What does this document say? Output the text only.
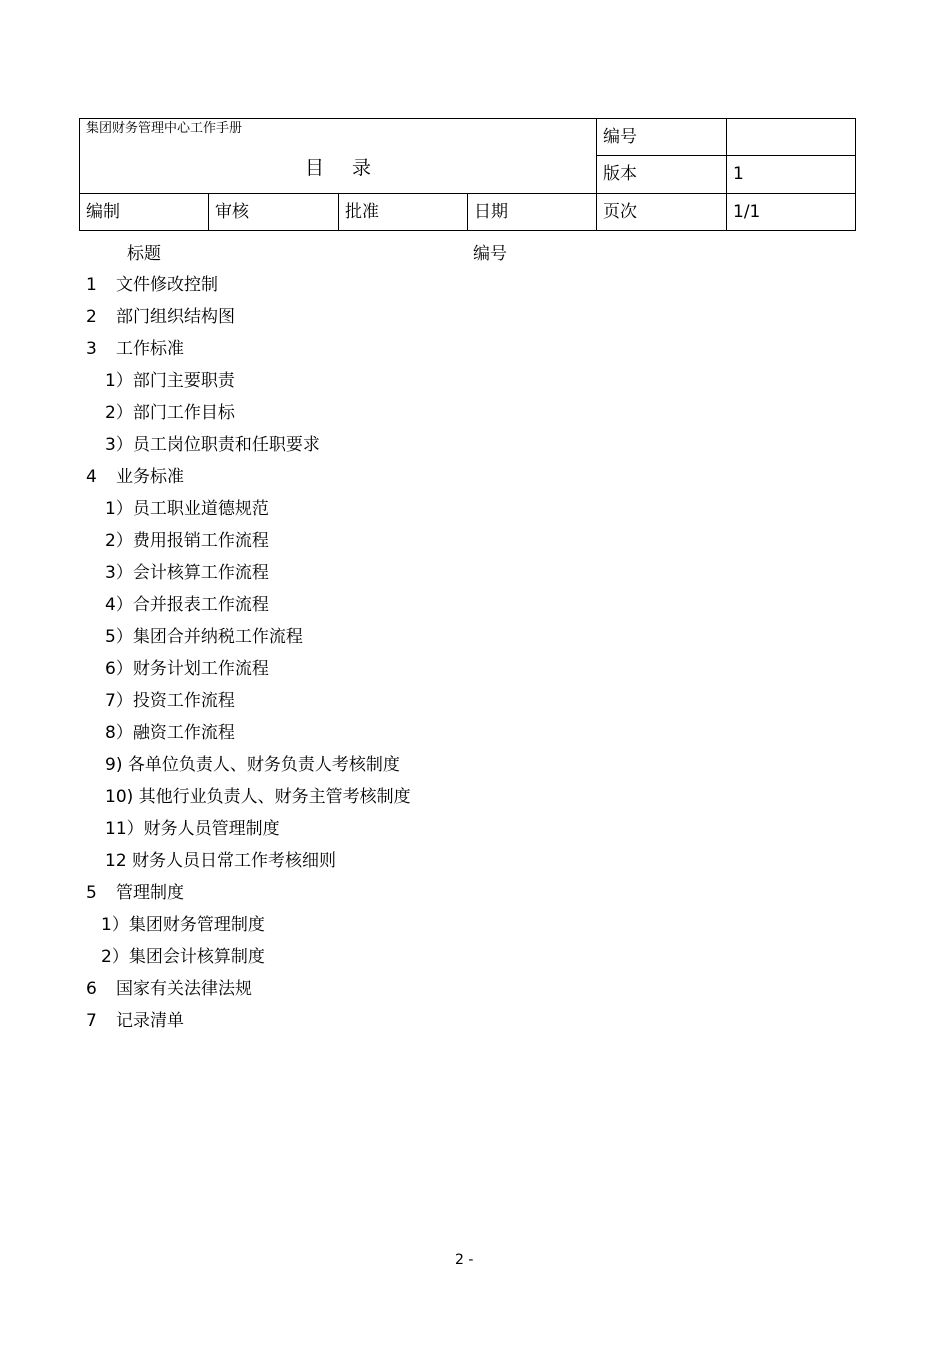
集团财务管理中心工作手册
目录				编号	
				版本	1
编制	审核	批准	日期	页次	1/1
标题	编号
1 文件修改控制
2 部门组织结构图
3 工作标准
1）部门主要职责
2）部门工作目标
3）员工岗位职责和任职要求
4 业务标准
1）员工职业道德规范
2）费用报销工作流程
3）会计核算工作流程
4）合并报表工作流程
5）集团合并纳税工作流程
6）财务计划工作流程
7）投资工作流程
8）融资工作流程
9) 各单位负责人、财务负责人考核制度
10) 其他行业负责人、财务主管考核制度
11）财务人员管理制度
12 财务人员日常工作考核细则
5 管理制度
1）集团财务管理制度
2）集团会计核算制度
6 国家有关法律法规
7 记录清单
2 -
